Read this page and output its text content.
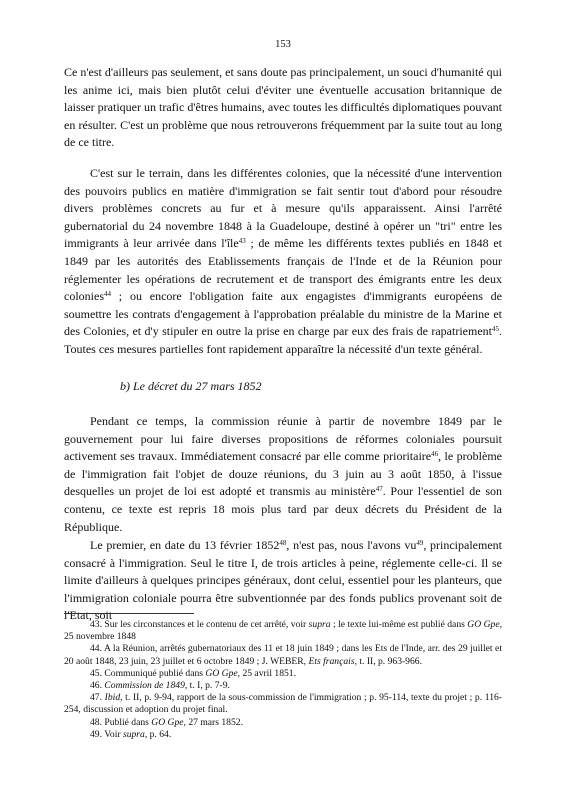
153

Ce n'est d'ailleurs pas seulement, et sans doute pas principalement, un souci d'humanité qui les anime ici, mais bien plutôt celui d'éviter une éventuelle accusation britannique de laisser pratiquer un trafic d'êtres humains, avec toutes les difficultés diplomatiques pouvant en résulter. C'est un problème que nous retrouverons fréquemment par la suite tout au long de ce titre.

C'est sur le terrain, dans les différentes colonies, que la nécessité d'une intervention des pouvoirs publics en matière d'immigration se fait sentir tout d'abord pour résoudre divers problèmes concrets au fur et à mesure qu'ils apparaissent. Ainsi l'arrêté gubernatorial du 24 novembre 1848 à la Guadeloupe, destiné à opérer un "tri" entre les immigrants à leur arrivée dans l'île$^{43}$ ; de même les différents textes publiés en 1848 et 1849 par les autorités des Etablissements français de l'Inde et de la Réunion pour réglementer les opérations de recrutement et de transport des émigrants entre les deux colonies$^{44}$ ; ou encore l'obligation faite aux engagistes d'immigrants européens de soumettre les contrats d'engagement à l'approbation préalable du ministre de la Marine et des Colonies, et d'y stipuler en outre la prise en charge par eux des frais de rapatriement$^{45}$. Toutes ces mesures partielles font rapidement apparaître la nécessité d'un texte général.

b) Le décret du 27 mars 1852

Pendant ce temps, la commission réunie à partir de novembre 1849 par le gouvernement pour lui faire diverses propositions de réformes coloniales poursuit activement ses travaux. Immédiatement consacré par elle comme prioritaire$^{46}$, le problème de l'immigration fait l'objet de douze réunions, du 3 juin au 3 août 1850, à l'issue desquelles un projet de loi est adopté et transmis au ministère$^{47}$. Pour l'essentiel de son contenu, ce texte est repris 18 mois plus tard par deux décrets du Président de la République.

Le premier, en date du 13 février 1852$^{48}$, n'est pas, nous l'avons $vu^{49}$, principalement consacré à l'immigration. Seul le titre I, de trois articles à peine, réglemente celle-ci. Il se limite d'ailleurs à quelques principes généraux, dont celui, essentiel pour les planteurs, que l'immigration coloniale pourra être subventionnée par des fonds publics provenant soit de l'Etat, soit

43. Sur les circonstances et le contenu de cet arrêté, voir supra ; le texte lui-même est publié dans GO Gpe, 25 novembre 1848

44. A la Réunion, arrêtés gubernatoriaux des 11 et 18 juin 1849 ; dans les Ets de l'Inde, arr. des 29 juillet et 20 août 1848, 23 juin, 23 juillet et 6 octobre 1849 ; J. WEBER, Ets français, t. II, p. 963-966.

45. Communiqué publié dans GO Gpe, 25 avril 1851.

46. Commission de 1849, t. I, p. 7-9.

47. Ibid, t. II, p. 9-94, rapport de la sous-commission de l'immigration ; p. 95-114, texte du projet ; p. 116-254, discussion et adoption du projet final.

48. Publié dans GO Gpe, 27 mars 1852.

49. Voir supra, p. 64.
